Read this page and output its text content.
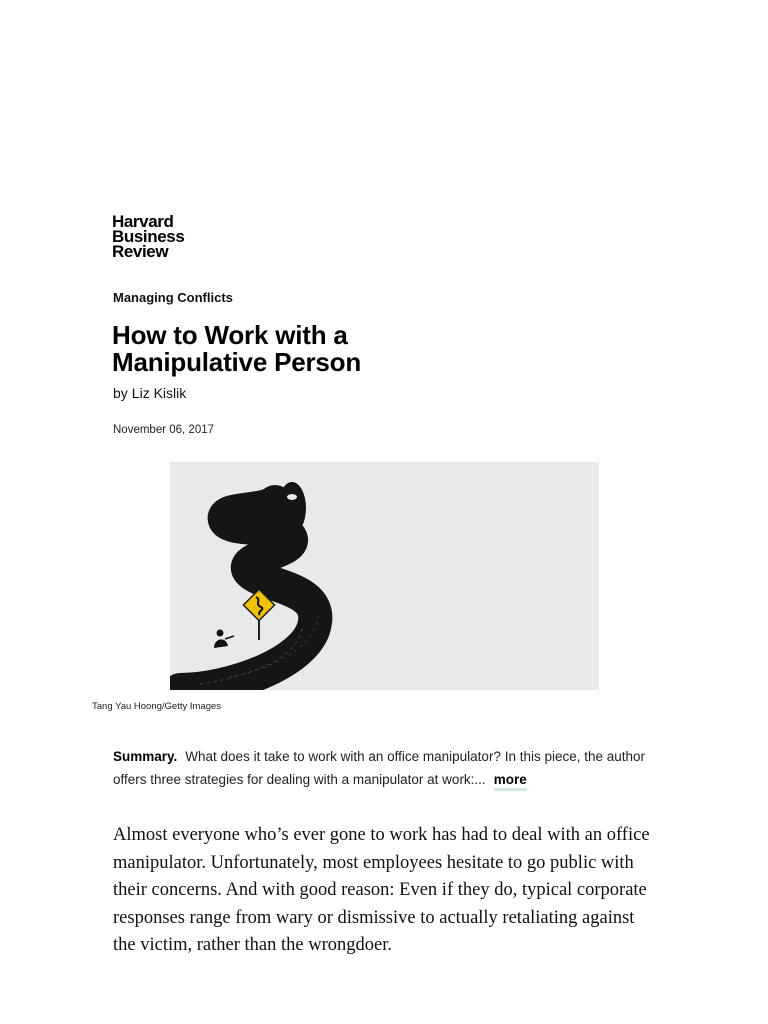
Harvard
Business
Review
Managing Conflicts
How to Work with a Manipulative Person
by Liz Kislik
November 06, 2017
Tang Yau Hoong/Getty Images

Summary. What does it take to work with an office manipulator? In this piece, the author offers three strategies for dealing with a manipulator at work:... more

Almost everyone who’s ever gone to work has had to deal with an office manipulator. Unfortunately, most employees hesitate to go public with their concerns. And with good reason: Even if they do, typical corporate responses range from wary or dismissive to actually retaliating against the victim, rather than the wrongdoer.
